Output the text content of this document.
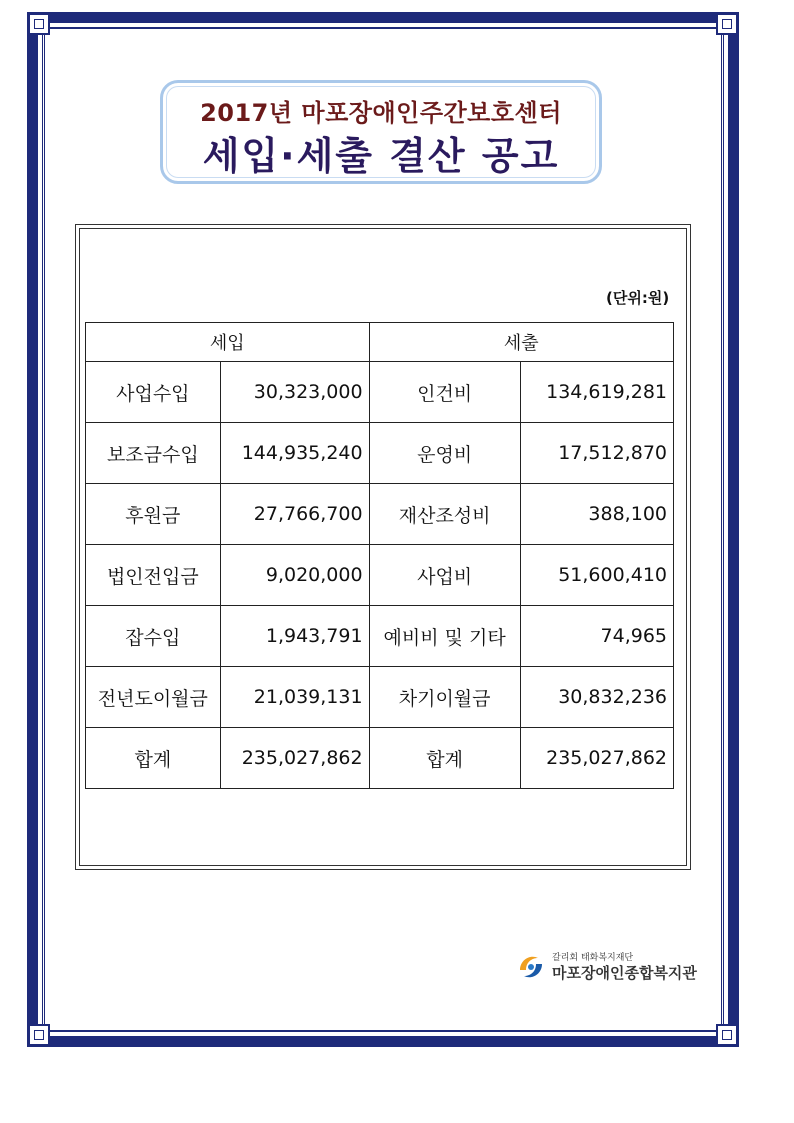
2017년 마포장애인주간보호센터
세입·세출 결산 공고
(단위:원)
세입		세출	
사업수입	30,323,000	인건비	134,619,281
보조금수입	144,935,240	운영비	17,512,870
후원금	27,766,700	재산조성비	388,100
법인전입금	9,020,000	사업비	51,600,410
잡수입	1,943,791	예비비 및 기타	74,965
전년도이월금	21,039,131	차기이월금	30,832,236
합계	235,027,862	합계	235,027,862
갈리회 태화복지재단
마포장애인종합복지관
